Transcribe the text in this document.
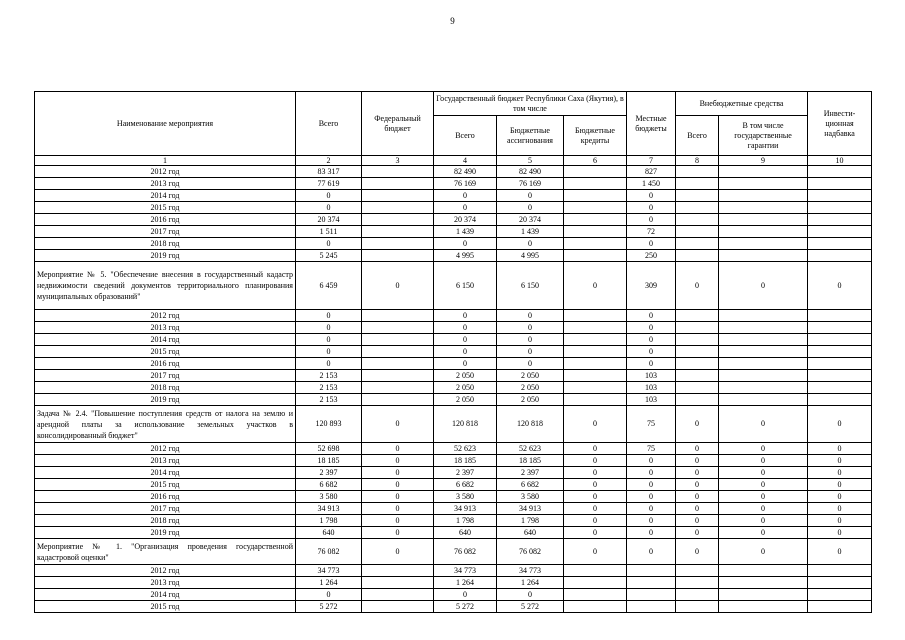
9
Наименование мероприятия	Всего	Федеральный бюджет	Государственный бюджет Республики Саха (Якутия), в том числе			Местные бюджеты	Внебюджетные средства		Инвести-ционная надбавка
			Всего	Бюджетные ассигнования	Бюджетные кредиты		Всего	В том числе государственные гарантии	
1	2	3	4	5	6	7	8	9	10
2012 год	83 317		82 490	82 490		827			
2013 год	77 619		76 169	76 169		1 450			
2014 год	0		0	0		0			
2015 год	0		0	0		0			
2016 год	20 374		20 374	20 374		0			
2017 год	1 511		1 439	1 439		72			
2018 год	0		0	0		0			
2019 год	5 245		4 995	4 995		250			
Мероприятие № 5. "Обеспечение внесения в государственный кадастр недвижимости сведений документов территориального планирования муниципальных образований"	6 459	0	6 150	6 150	0	309	0	0	0
2012 год	0		0	0		0			
2013 год	0		0	0		0			
2014 год	0		0	0		0			
2015 год	0		0	0		0			
2016 год	0		0	0		0			
2017 год	2 153		2 050	2 050		103			
2018 год	2 153		2 050	2 050		103			
2019 год	2 153		2 050	2 050		103			
Задача № 2.4. "Повышение поступления средств от налога на землю и арендной платы за использование земельных участков в консолидированный бюджет"	120 893	0	120 818	120 818	0	75	0	0	0
2012 год	52 698	0	52 623	52 623	0	75	0	0	0
2013 год	18 185	0	18 185	18 185	0	0	0	0	0
2014 год	2 397	0	2 397	2 397	0	0	0	0	0
2015 год	6 682	0	6 682	6 682	0	0	0	0	0
2016 год	3 580	0	3 580	3 580	0	0	0	0	0
2017 год	34 913	0	34 913	34 913	0	0	0	0	0
2018 год	1 798	0	1 798	1 798	0	0	0	0	0
2019 год	640	0	640	640	0	0	0	0	0
Мероприятие № 1. "Организация проведения государственной кадастровой оценки"	76 082	0	76 082	76 082	0	0	0	0	0
2012 год	34 773		34 773	34 773					
2013 год	1 264		1 264	1 264					
2014 год	0		0	0					
2015 год	5 272		5 272	5 272					
